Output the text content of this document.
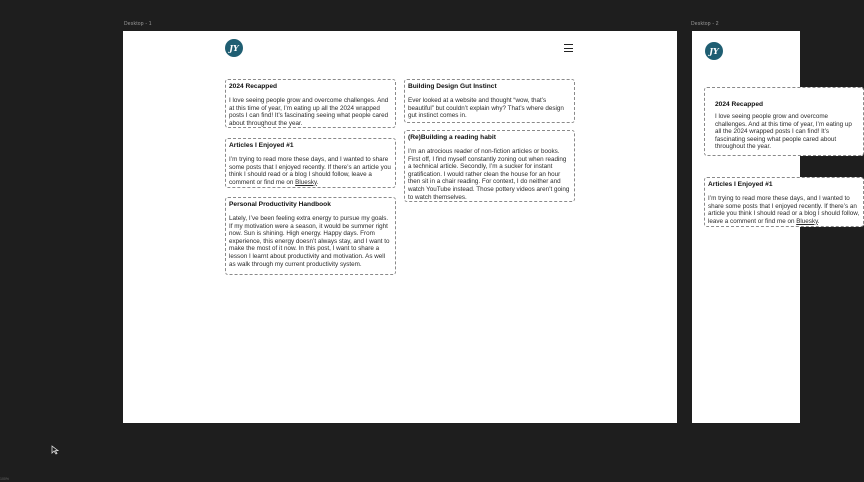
Desktop - 1	Desktop - 2
JY

2024 Recapped

I love seeing people grow and overcome challenges. And at this time of year, I’m eating up all the 2024 wrapped posts I can find! It’s fascinating seeing what people cared about throughout the year.

Articles I Enjoyed #1

I’m trying to read more these days, and I wanted to share some posts that I enjoyed recently. If there’s an article you think I should read or a blog I should follow, leave a comment or find me on Bluesky.

Personal Productivity Handbook

Lately, I’ve been feeling extra energy to pursue my goals. If my motivation were a season, it would be summer right now. Sun is shining. High energy. Happy days. From experience, this energy doesn’t always stay, and I want to make the most of it now. In this post, I want to share a lesson I learnt about productivity and motivation. As well as walk through my current productivity system.

Building Design Gut Instinct

Ever looked at a website and thought “wow, that’s beautiful” but couldn’t explain why? That’s where design gut instinct comes in.

(Re)Building a reading habit

I’m an atrocious reader of non-fiction articles or books. First off, I find myself constantly zoning out when reading a technical article. Secondly, I’m a sucker for instant gratification. I would rather clean the house for an hour then sit in a chair reading. For context, I do neither and watch YouTube instead. Those pottery videos aren’t going to watch themselves.

JY

2024 Recapped

I love seeing people grow and overcome challenges. And at this time of year, I’m eating up all the 2024 wrapped posts I can find! It’s fascinating seeing what people cared about throughout the year.

Articles I Enjoyed #1

I’m trying to read more these days, and I wanted to share some posts that I enjoyed recently. If there’s an article you think I should read or a blog I should follow, leave a comment or find me on Bluesky.

100%
